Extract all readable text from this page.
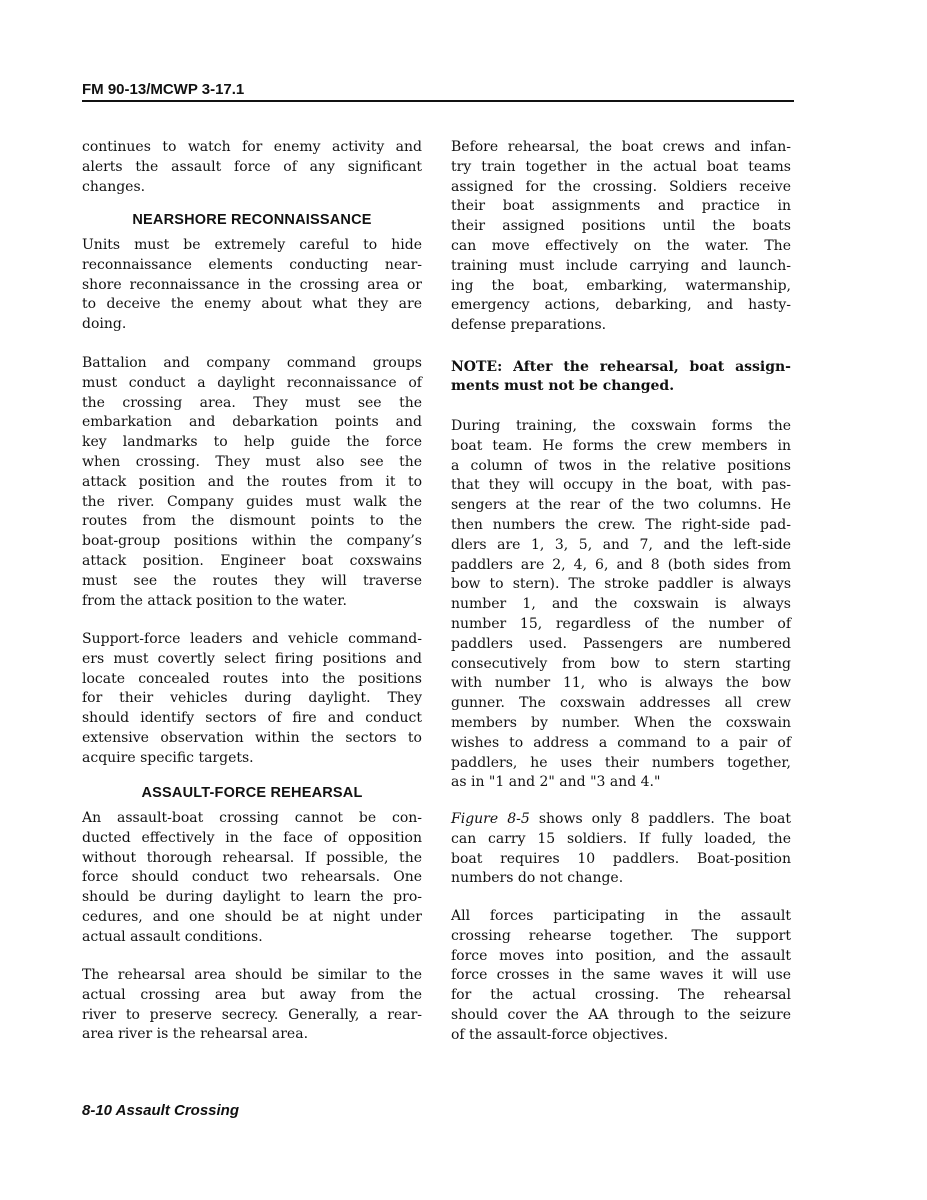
FM 90-13/MCWP 3-17.1
continues to watch for enemy activity and
alerts the assault force of any significant
changes.
NEARSHORE RECONNAISSANCE
Units must be extremely careful to hide
reconnaissance elements conducting near-
shore reconnaissance in the crossing area or
to deceive the enemy about what they are
doing.
Battalion and company command groups
must conduct a daylight reconnaissance of
the crossing area. They must see the
embarkation and debarkation points and
key landmarks to help guide the force
when crossing. They must also see the
attack position and the routes from it to
the river. Company guides must walk the
routes from the dismount points to the
boat-group positions within the company’s
attack position. Engineer boat coxswains
must see the routes they will traverse
from the attack position to the water.
Support-force leaders and vehicle command-
ers must covertly select firing positions and
locate concealed routes into the positions
for their vehicles during daylight. They
should identify sectors of fire and conduct
extensive observation within the sectors to
acquire specific targets.
ASSAULT-FORCE REHEARSAL
An assault-boat crossing cannot be con-
ducted effectively in the face of opposition
without thorough rehearsal. If possible, the
force should conduct two rehearsals. One
should be during daylight to learn the pro-
cedures, and one should be at night under
actual assault conditions.
The rehearsal area should be similar to the
actual crossing area but away from the
river to preserve secrecy. Generally, a rear-
area river is the rehearsal area.
Before rehearsal, the boat crews and infan-
try train together in the actual boat teams
assigned for the crossing. Soldiers receive
their boat assignments and practice in
their assigned positions until the boats
can move effectively on the water. The
training must include carrying and launch-
ing the boat, embarking, watermanship,
emergency actions, debarking, and hasty-
defense preparations.
NOTE: After the rehearsal, boat assign-
ments must not be changed.
During training, the coxswain forms the
boat team. He forms the crew members in
a column of twos in the relative positions
that they will occupy in the boat, with pas-
sengers at the rear of the two columns. He
then numbers the crew. The right-side pad-
dlers are 1, 3, 5, and 7, and the left-side
paddlers are 2, 4, 6, and 8 (both sides from
bow to stern). The stroke paddler is always
number 1, and the coxswain is always
number 15, regardless of the number of
paddlers used. Passengers are numbered
consecutively from bow to stern starting
with number 11, who is always the bow
gunner. The coxswain addresses all crew
members by number. When the coxswain
wishes to address a command to a pair of
paddlers, he uses their numbers together,
as in "1 and 2" and "3 and 4."
Figure 8-5 shows only 8 paddlers. The boat
can carry 15 soldiers. If fully loaded, the
boat requires 10 paddlers. Boat-position
numbers do not change.
All forces participating in the assault
crossing rehearse together. The support
force moves into position, and the assault
force crosses in the same waves it will use
for the actual crossing. The rehearsal
should cover the AA through to the seizure
of the assault-force objectives.
8-10 Assault Crossing
